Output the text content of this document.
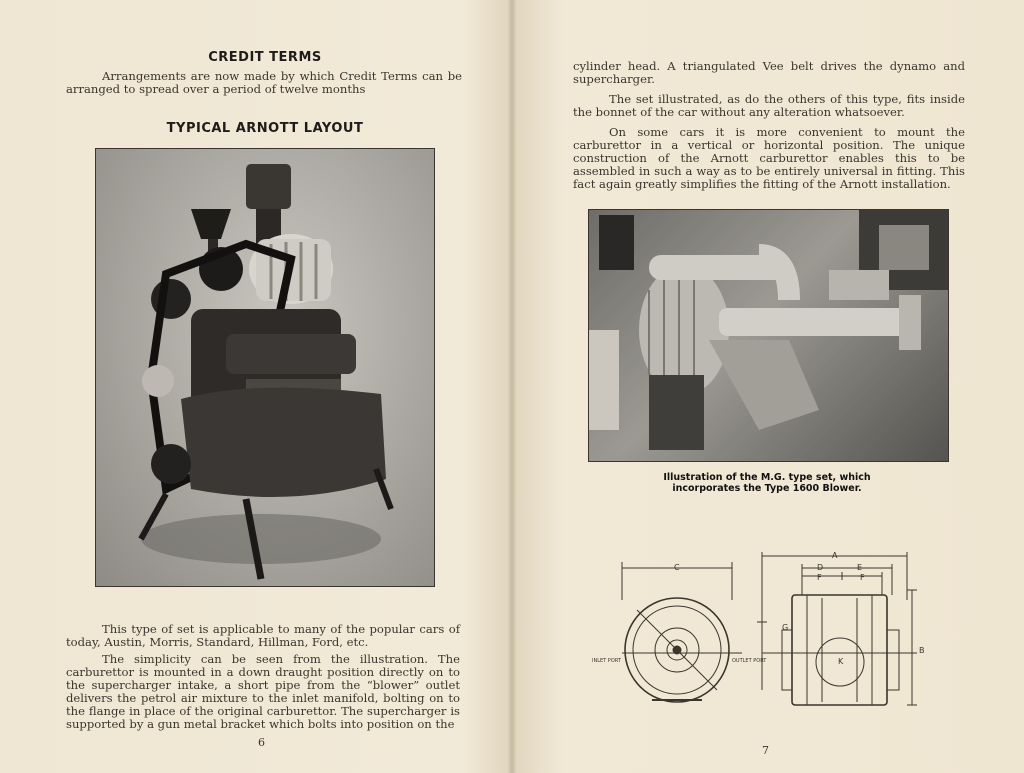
CREDIT TERMS
Arrangements are now made by which Credit Terms can be arranged to spread over a period of twelve months
TYPICAL ARNOTT LAYOUT
This type of set is applicable to many of the popular cars of today, Austin, Morris, Standard, Hillman, Ford, etc.
The simplicity can be seen from the illustration. The carburettor is mounted in a down draught position directly on to the supercharger intake, a short pipe from the “blower” outlet delivers the petrol air mixture to the inlet manifold, bolting on to the flange in place of the original carburettor. The supercharger is supported by a gun metal bracket which bolts into position on the
6
cylinder head. A triangulated Vee belt drives the dynamo and supercharger.
The set illustrated, as do the others of this type, fits inside the bonnet of the car without any alteration whatsoever.
On some cars it is more convenient to mount the carburettor in a vertical or horizontal position. The unique construction of the Arnott carburettor enables this to be assembled in such a way as to be entirely universal in fitting. This fact again greatly simplifies the fitting of the Arnott installation.
Illustration of the M.G. type set, which
incorporates the Type 1600 Blower.
C
A
D	E
F	F
G
K
B
INLET PORT	OUTLET PORT
7
